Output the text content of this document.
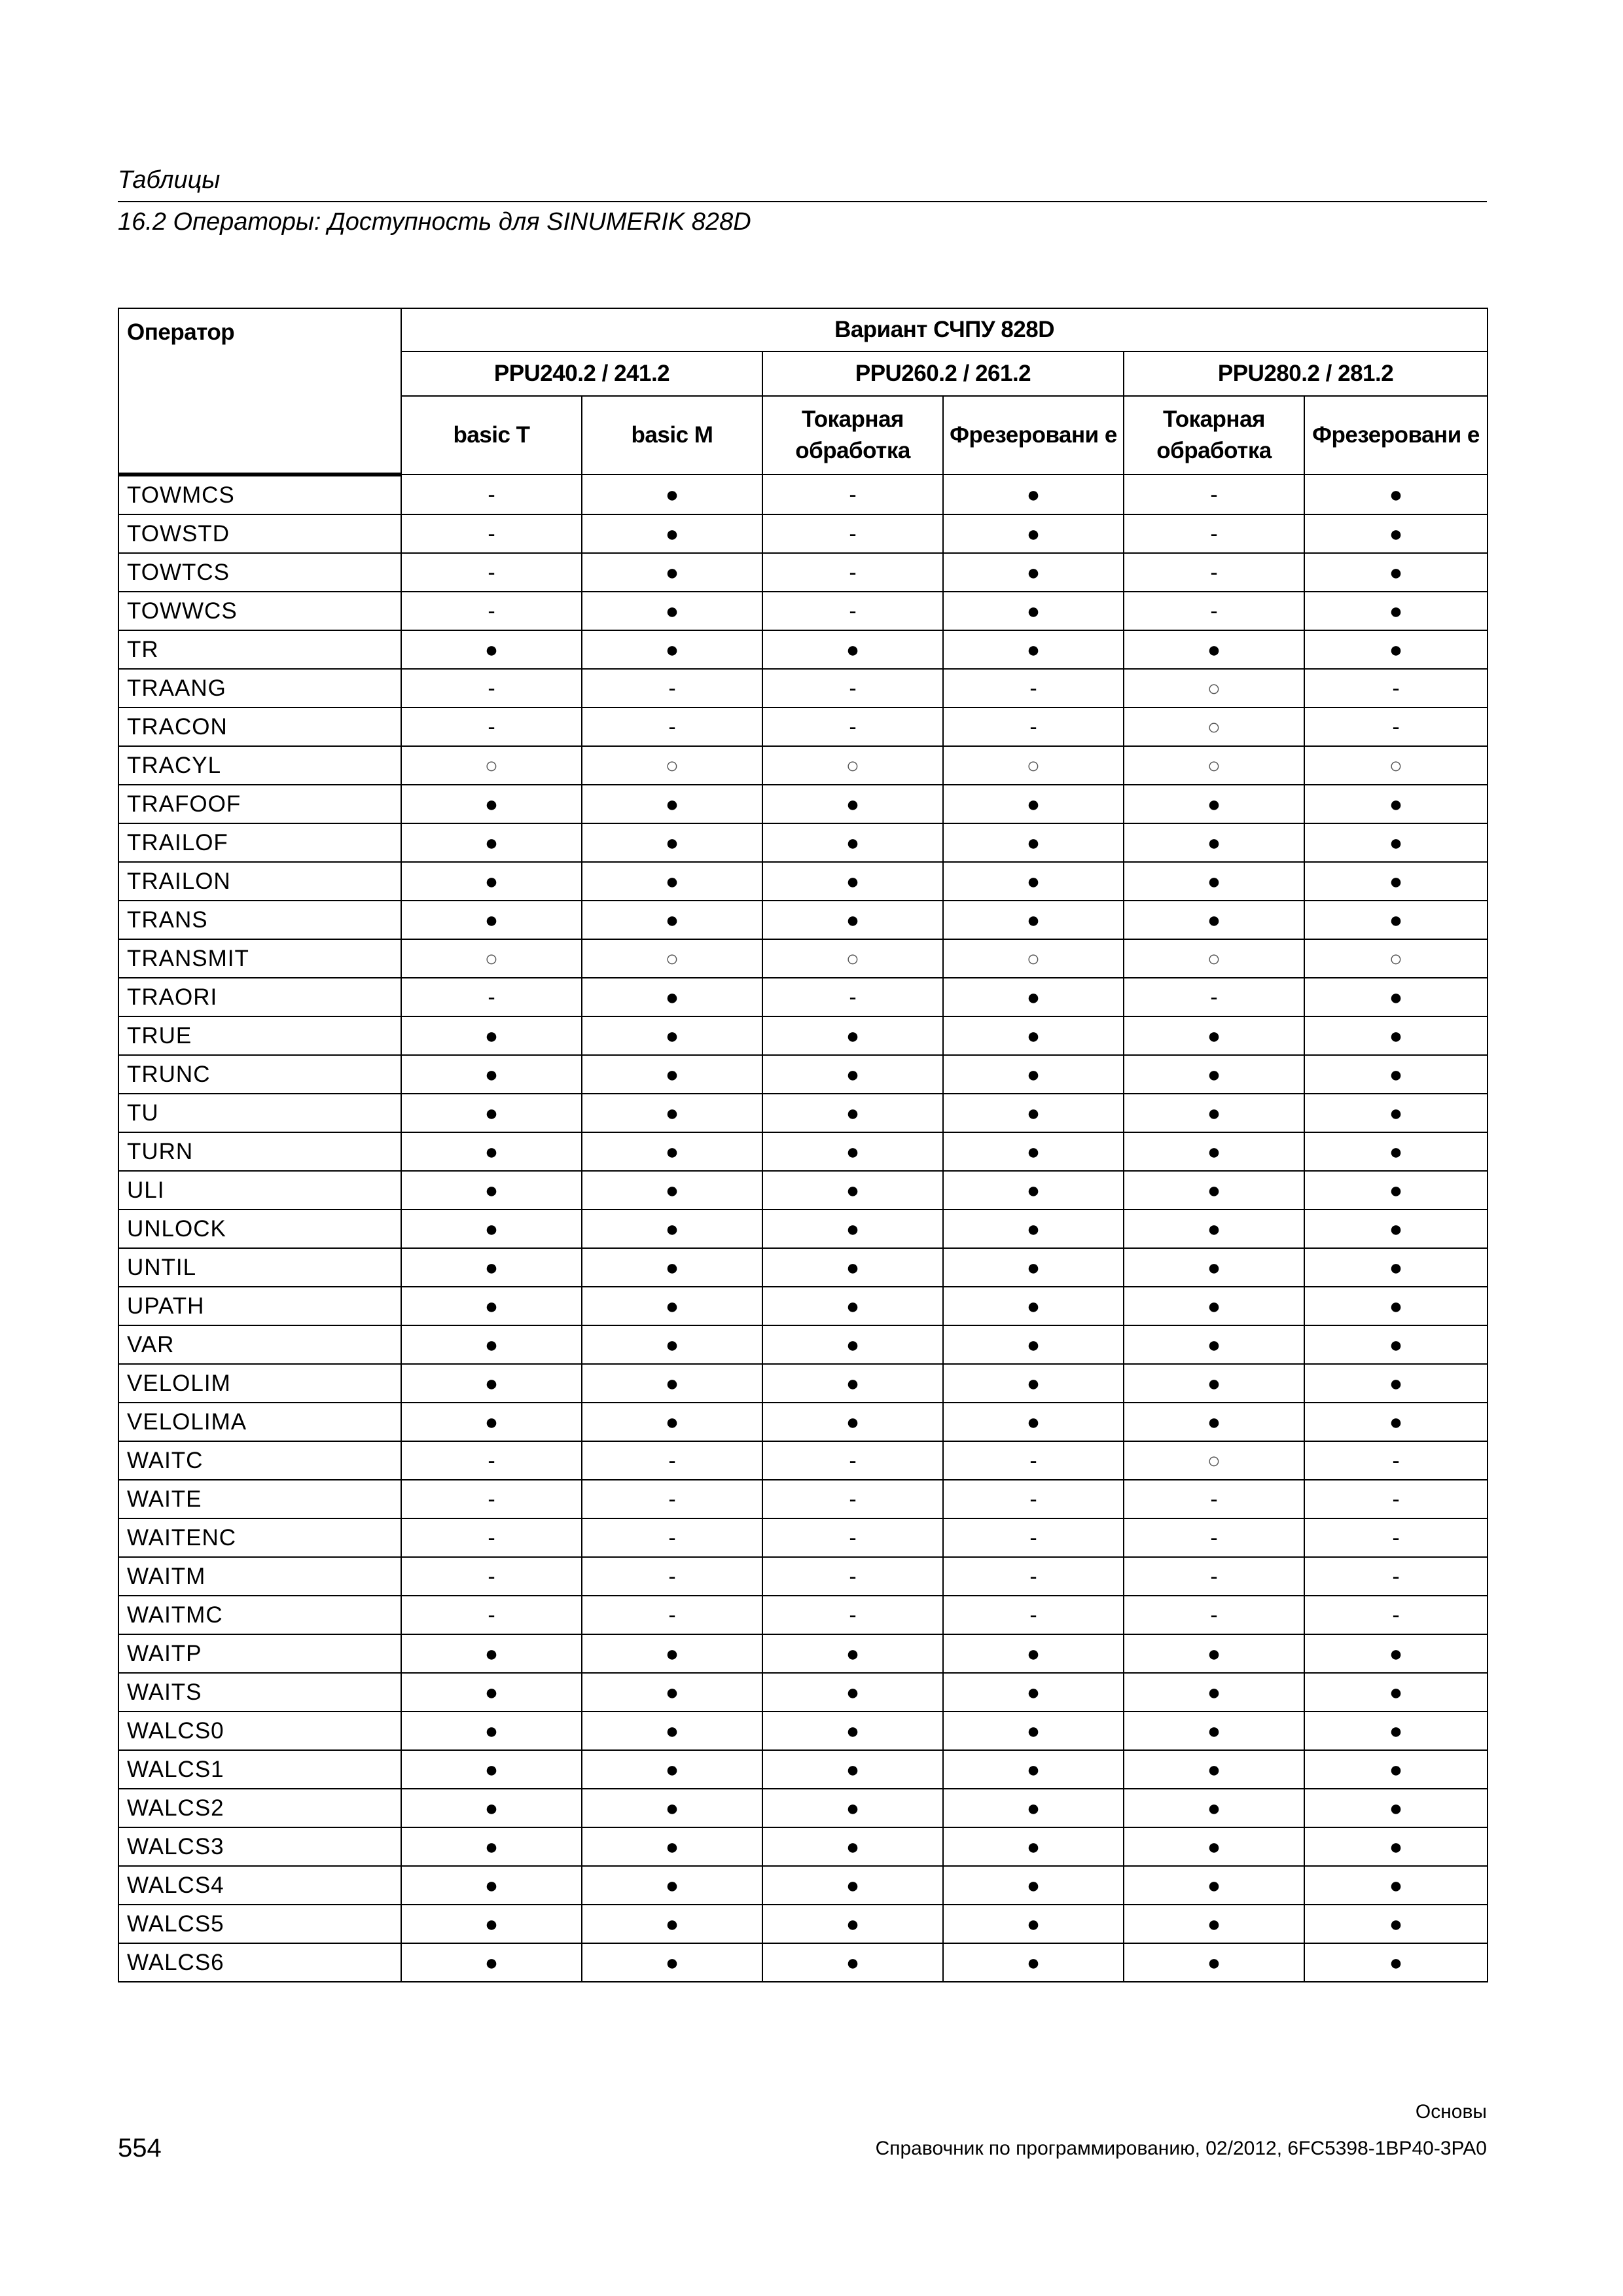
Таблицы
16.2 Операторы: Доступность для SINUMERIK 828D
Оператор	Вариант СЧПУ 828D					
	PPU240.2 / 241.2		PPU260.2 / 261.2		PPU280.2 / 281.2	
	basic T	basic M	Токарная обработка	Фрезеровани е	Токарная обработка	Фрезеровани е
TOWMCS	-	●	-	●	-	●
TOWSTD	-	●	-	●	-	●
TOWTCS	-	●	-	●	-	●
TOWWCS	-	●	-	●	-	●
TR	●	●	●	●	●	●
TRAANG	-	-	-	-	○	-
TRACON	-	-	-	-	○	-
TRACYL	○	○	○	○	○	○
TRAFOOF	●	●	●	●	●	●
TRAILOF	●	●	●	●	●	●
TRAILON	●	●	●	●	●	●
TRANS	●	●	●	●	●	●
TRANSMIT	○	○	○	○	○	○
TRAORI	-	●	-	●	-	●
TRUE	●	●	●	●	●	●
TRUNC	●	●	●	●	●	●
TU	●	●	●	●	●	●
TURN	●	●	●	●	●	●
ULI	●	●	●	●	●	●
UNLOCK	●	●	●	●	●	●
UNTIL	●	●	●	●	●	●
UPATH	●	●	●	●	●	●
VAR	●	●	●	●	●	●
VELOLIM	●	●	●	●	●	●
VELOLIMA	●	●	●	●	●	●
WAITC	-	-	-	-	○	-
WAITE	-	-	-	-	-	-
WAITENC	-	-	-	-	-	-
WAITM	-	-	-	-	-	-
WAITMC	-	-	-	-	-	-
WAITP	●	●	●	●	●	●
WAITS	●	●	●	●	●	●
WALCS0	●	●	●	●	●	●
WALCS1	●	●	●	●	●	●
WALCS2	●	●	●	●	●	●
WALCS3	●	●	●	●	●	●
WALCS4	●	●	●	●	●	●
WALCS5	●	●	●	●	●	●
WALCS6	●	●	●	●	●	●
Основы
554	Справочник по программированию, 02/2012, 6FC5398-1BP40-3PA0
